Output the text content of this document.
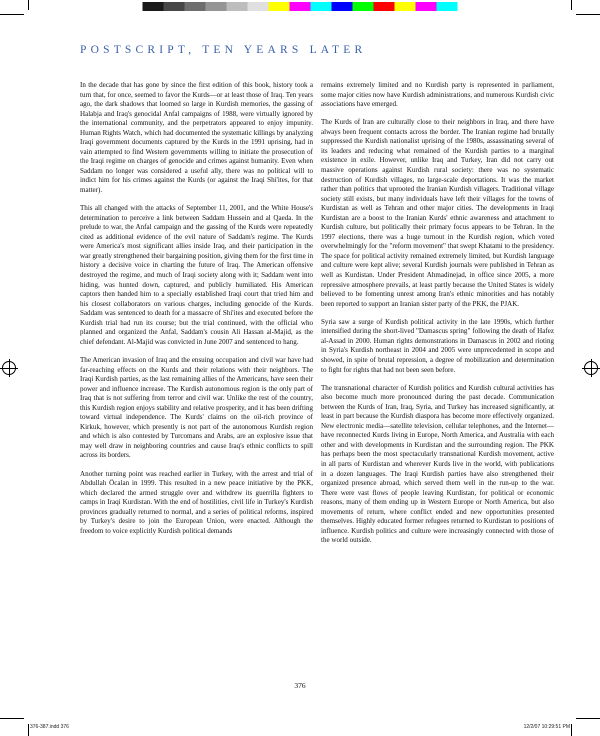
POSTSCRIPT, TEN YEARS LATER

In the decade that has gone by since the first edition of this book, history took a turn that, for once, seemed to favor the Kurds—or at least those of Iraq. Ten years ago, the dark shadows that loomed so large in Kurdish memories, the gassing of Halabja and Iraq's genocidal Anfal campaigns of 1988, were virtually ignored by the international community, and the perpetrators appeared to enjoy impunity. Human Rights Watch, which had documented the systematic killings by analyzing Iraqi government documents captured by the Kurds in the 1991 uprising, had in vain attempted to find Western governments willing to initiate the prosecution of the Iraqi regime on charges of genocide and crimes against humanity. Even when Saddam no longer was considered a useful ally, there was no political will to indict him for his crimes against the Kurds (or against the Iraqi Shi'ites, for that matter).

This all changed with the attacks of September 11, 2001, and the White House's determination to perceive a link between Saddam Hussein and al Qaeda. In the prelude to war, the Anfal campaign and the gassing of the Kurds were repeatedly cited as additional evidence of the evil nature of Saddam's regime. The Kurds were America's most significant allies inside Iraq, and their participation in the war greatly strengthened their bargaining position, giving them for the first time in history a decisive voice in charting the future of Iraq. The American offensive destroyed the regime, and much of Iraqi society along with it; Saddam went into hiding, was hunted down, captured, and publicly humiliated. His American captors then handed him to a specially established Iraqi court that tried him and his closest collaborators on various charges, including genocide of the Kurds. Saddam was sentenced to death for a massacre of Shi'ites and executed before the Kurdish trial had run its course; but the trial continued, with the official who planned and organized the Anfal, Saddam's cousin Ali Hassan al-Majid, as the chief defendant. Al-Majid was convicted in June 2007 and sentenced to hang.

The American invasion of Iraq and the ensuing occupation and civil war have had far-reaching effects on the Kurds and their relations with their neighbors. The Iraqi Kurdish parties, as the last remaining allies of the Americans, have seen their power and influence increase. The Kurdish autonomous region is the only part of Iraq that is not suffering from terror and civil war. Unlike the rest of the country, this Kurdish region enjoys stability and relative prosperity, and it has been drifting toward virtual independence. The Kurds' claims on the oil-rich province of Kirkuk, however, which presently is not part of the autonomous Kurdish region and which is also contested by Turcomans and Arabs, are an explosive issue that may well draw in neighboring countries and cause Iraq's ethnic conflicts to spill across its borders.

Another turning point was reached earlier in Turkey, with the arrest and trial of Abdullah Öcalan in 1999. This resulted in a new peace initiative by the PKK, which declared the armed struggle over and withdrew its guerrilla fighters to camps in Iraqi Kurdistan. With the end of hostilities, civil life in Turkey's Kurdish provinces gradually returned to normal, and a series of political reforms, inspired by Turkey's desire to join the European Union, were enacted. Although the freedom to voice explicitly Kurdish political demands

remains extremely limited and no Kurdish party is represented in parliament, some major cities now have Kurdish administrations, and numerous Kurdish civic associations have emerged.

The Kurds of Iran are culturally close to their neighbors in Iraq, and there have always been frequent contacts across the border. The Iranian regime had brutally suppressed the Kurdish nationalist uprising of the 1980s, assassinating several of its leaders and reducing what remained of the Kurdish parties to a marginal existence in exile. However, unlike Iraq and Turkey, Iran did not carry out massive operations against Kurdish rural society: there was no systematic destruction of Kurdish villages, no large-scale deportations. It was the market rather than politics that uprooted the Iranian Kurdish villagers. Traditional village society still exists, but many individuals have left their villages for the towns of Kurdistan as well as Tehran and other major cities. The developments in Iraqi Kurdistan are a boost to the Iranian Kurds' ethnic awareness and attachment to Kurdish culture, but politically their primary focus appears to be Tehran. In the 1997 elections, there was a huge turnout in the Kurdish region, which voted overwhelmingly for the "reform movement" that swept Khatami to the presidency. The space for political activity remained extremely limited, but Kurdish language and culture were kept alive; several Kurdish journals were published in Tehran as well as Kurdistan. Under President Ahmadinejad, in office since 2005, a more repressive atmosphere prevails, at least partly because the United States is widely believed to be fomenting unrest among Iran's ethnic minorities and has notably been reported to support an Iranian sister party of the PKK, the PJAK.

Syria saw a surge of Kurdish political activity in the late 1990s, which further intensified during the short-lived "Damascus spring" following the death of Hafez al-Assad in 2000. Human rights demonstrations in Damascus in 2002 and rioting in Syria's Kurdish northeast in 2004 and 2005 were unprecedented in scope and showed, in spite of brutal repression, a degree of mobilization and determination to fight for rights that had not been seen before.

The transnational character of Kurdish politics and Kurdish cultural activities has also become much more pronounced during the past decade. Communication between the Kurds of Iran, Iraq, Syria, and Turkey has increased significantly, at least in part because the Kurdish diaspora has become more effectively organized. New electronic media—satellite television, cellular telephones, and the Internet—have reconnected Kurds living in Europe, North America, and Australia with each other and with developments in Kurdistan and the surrounding region. The PKK has perhaps been the most spectacularly transnational Kurdish movement, active in all parts of Kurdistan and wherever Kurds live in the world, with publications in a dozen languages. The Iraqi Kurdish parties have also strengthened their organized presence abroad, which served them well in the run-up to the war. There were vast flows of people leaving Kurdistan, for political or economic reasons, many of them ending up in Western Europe or North America, but also movements of return, where conflict ended and new opportunities presented themselves. Highly educated former refugees returned to Kurdistan to positions of influence. Kurdish politics and culture were increasingly connected with those of the world outside.

376
376-387.indd 376	12/2/07 10:29:51 PM
